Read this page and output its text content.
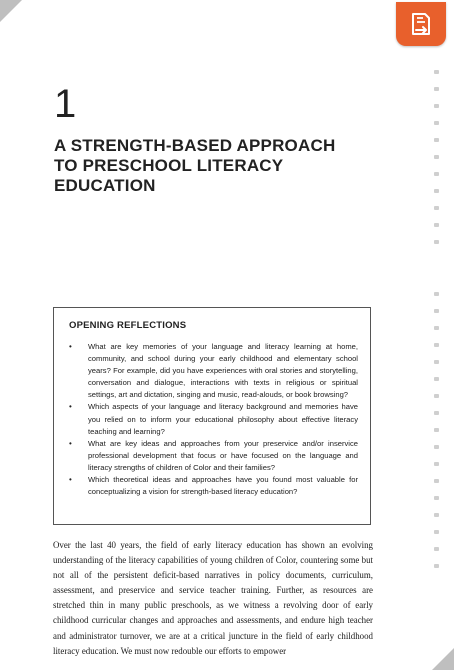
1
A STRENGTH-BASED APPROACH
TO PRESCHOOL LITERACY
EDUCATION
OPENING REFLECTIONS
• What are key memories of your language and literacy learning at home, community, and school during your early childhood and elementary school years? For example, did you have experiences with oral stories and storytelling, conversation and dialogue, interactions with texts in religious or spiritual settings, art and dictation, singing and music, read-alouds, or book browsing?
• Which aspects of your language and literacy background and memories have you relied on to inform your educational philosophy about effective literacy teaching and learning?
• What are key ideas and approaches from your preservice and/or inservice professional development that focus or have focused on the language and literacy strengths of children of Color and their families?
• Which theoretical ideas and approaches have you found most valuable for conceptualizing a vision for strength-based literacy education?

Over the last 40 years, the field of early literacy education has shown an evolving understanding of the literacy capabilities of young children of Color, countering some but not all of the persistent deficit-based narratives in policy documents, curriculum, assessment, and preservice and service teacher training. Further, as resources are stretched thin in many public preschools, as we witness a revolving door of early childhood curricular changes and approaches and assessments, and endure high teacher and administrator turnover, we are at a critical juncture in the field of early childhood literacy education. We must now redouble our efforts to empower
